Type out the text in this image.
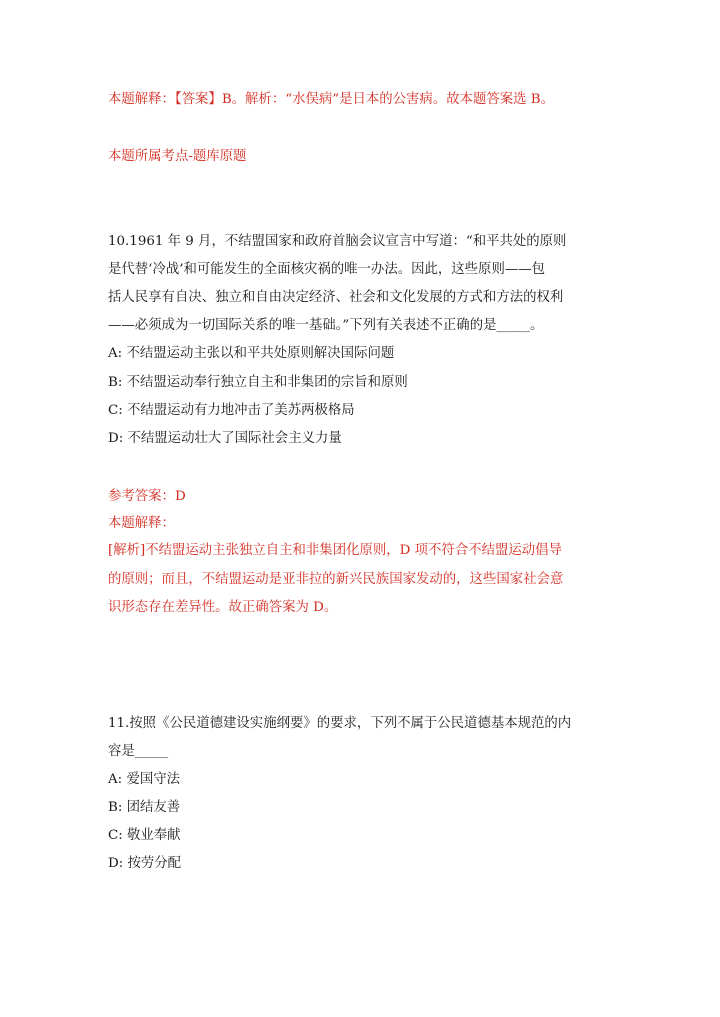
本题解释：【答案】B。解析：“水俣病”是日本的公害病。故本题答案选 B。
本题所属考点-题库原题
10.1961 年 9 月，不结盟国家和政府首脑会议宣言中写道：“和平共处的原则
是代替‘冷战’和可能发生的全面核灾祸的唯一办法。因此，这些原则——包
括人民享有自决、独立和自由决定经济、社会和文化发展的方式和方法的权利
——必须成为一切国际关系的唯一基础。”下列有关表述不正确的是_____。
A: 不结盟运动主张以和平共处原则解决国际问题
B: 不结盟运动奉行独立自主和非集团的宗旨和原则
C: 不结盟运动有力地冲击了美苏两极格局
D: 不结盟运动壮大了国际社会主义力量
参考答案：D
本题解释：
[解析]不结盟运动主张独立自主和非集团化原则，D 项不符合不结盟运动倡导
的原则；而且，不结盟运动是亚非拉的新兴民族国家发动的，这些国家社会意
识形态存在差异性。故正确答案为 D。
11.按照《公民道德建设实施纲要》的要求，下列不属于公民道德基本规范的内
容是_____
A: 爱国守法
B: 团结友善
C: 敬业奉献
D: 按劳分配
